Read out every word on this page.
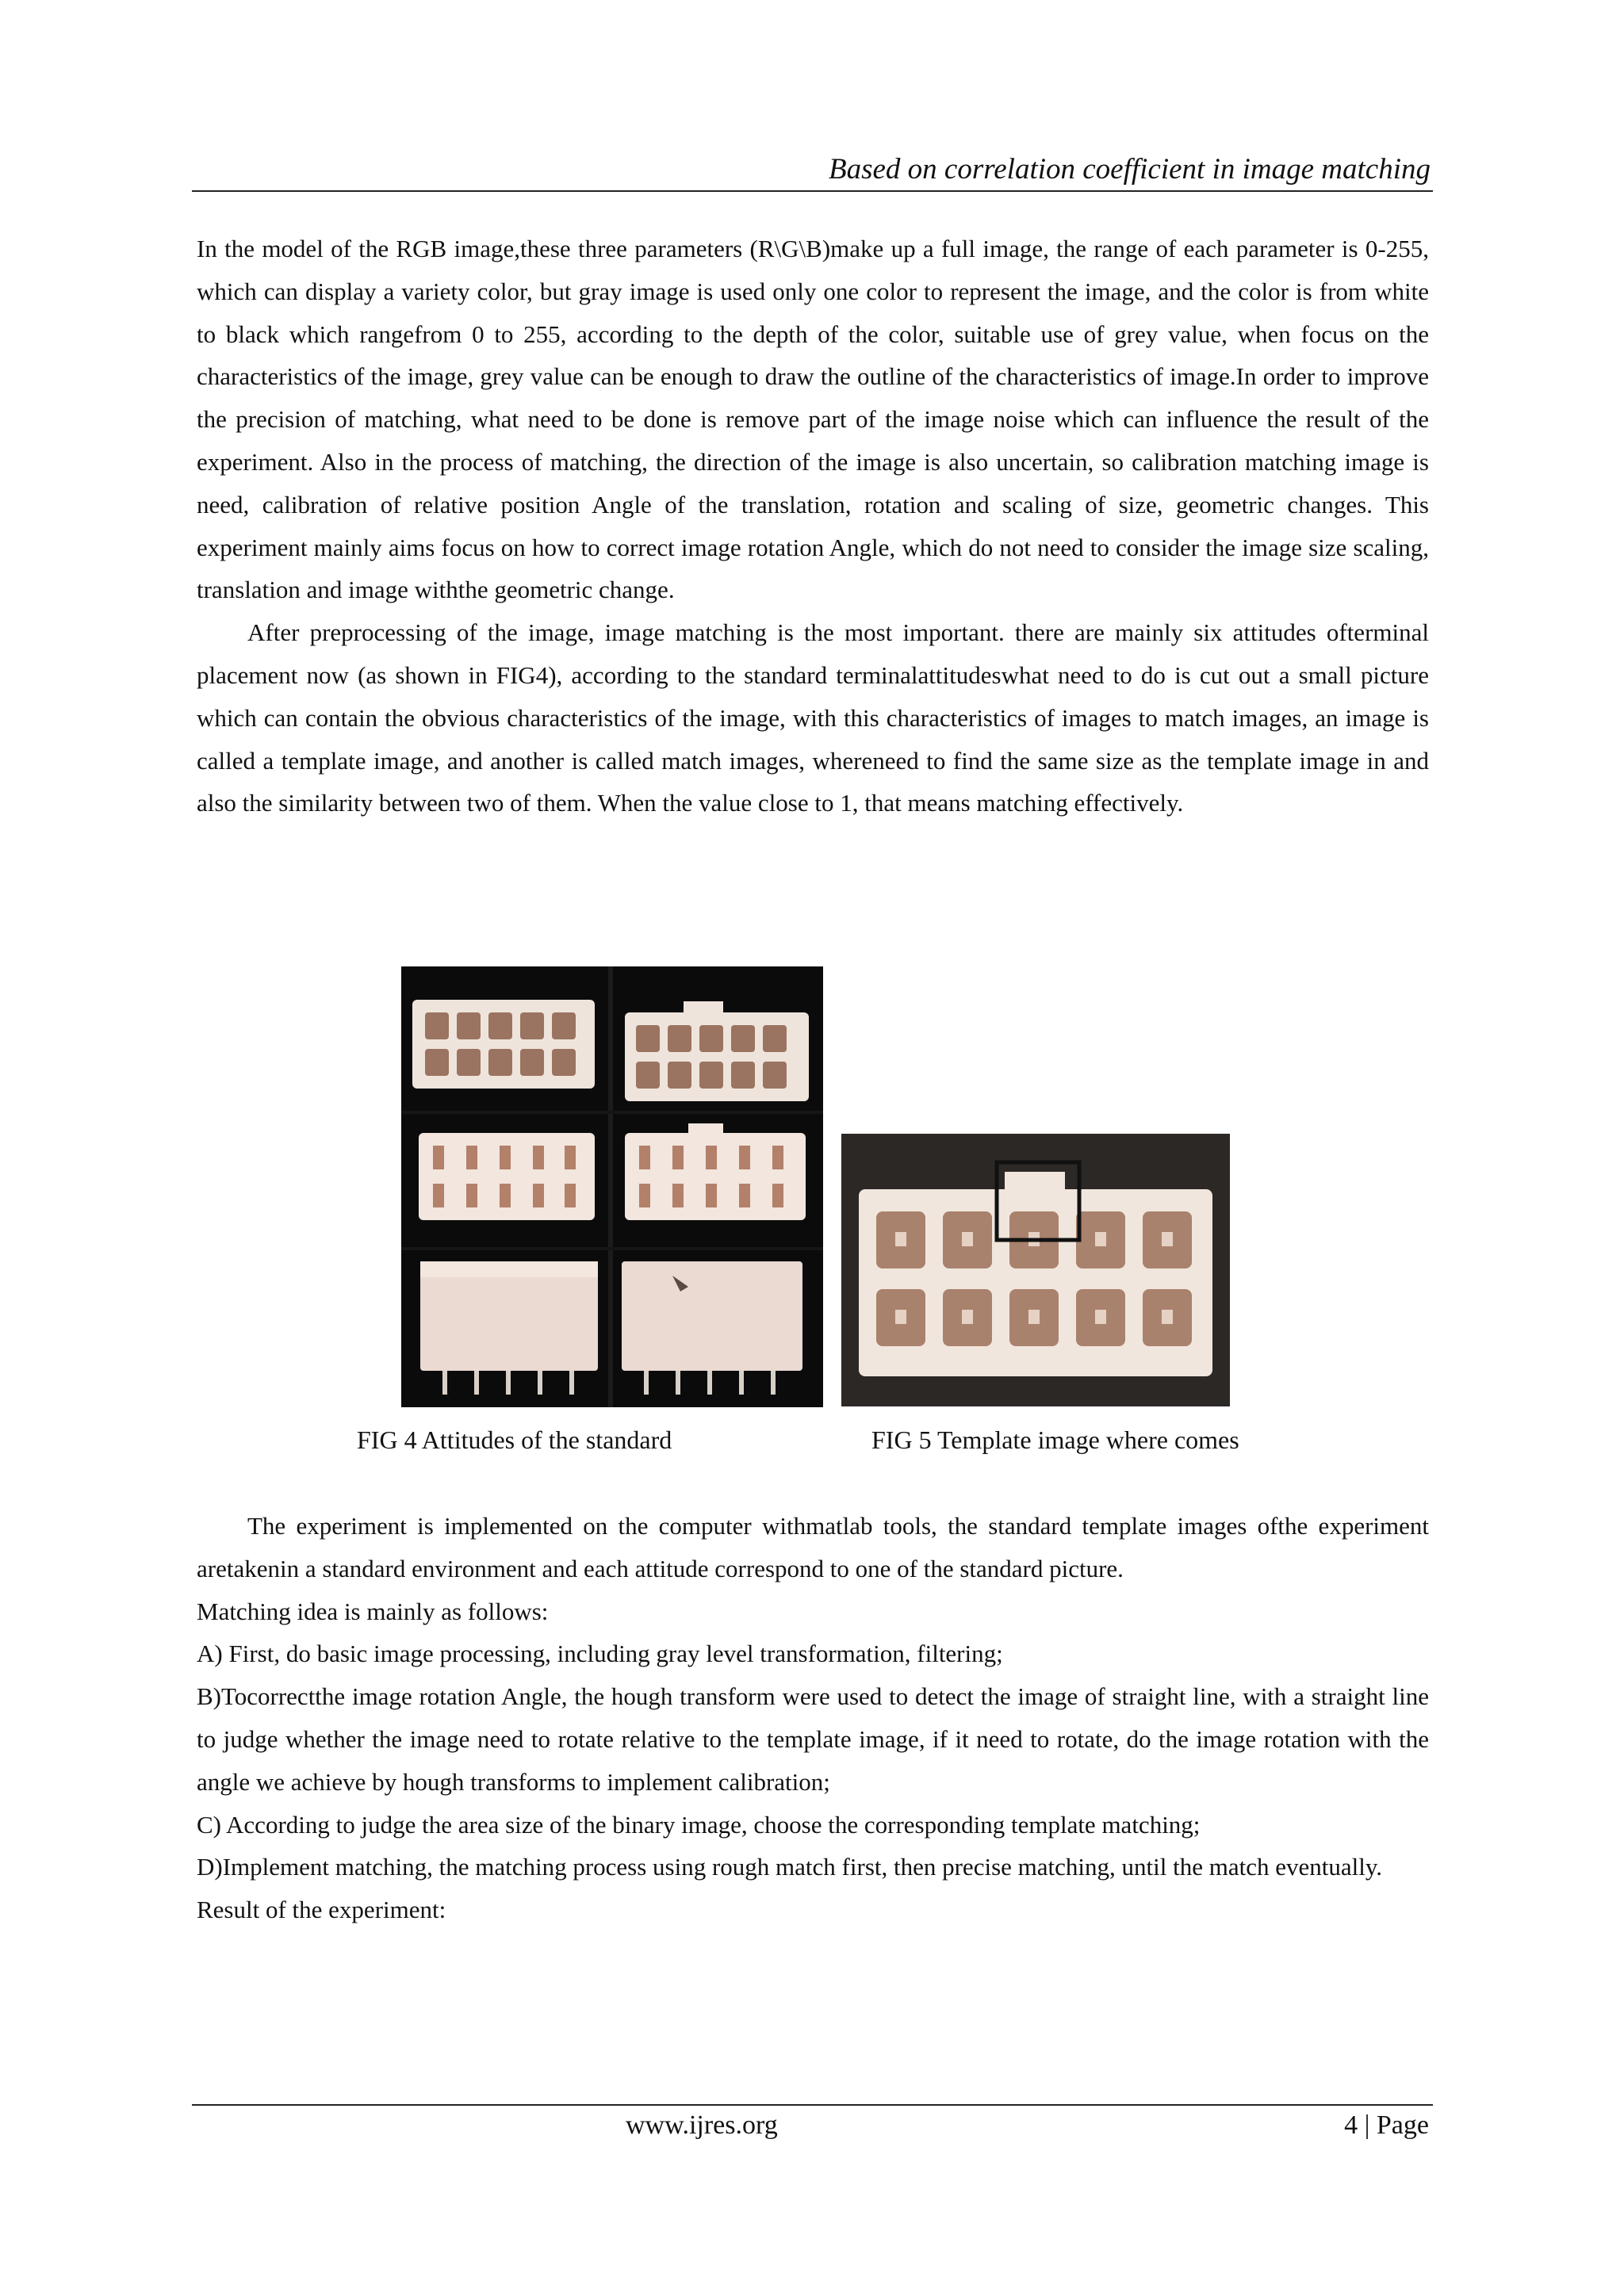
Based on correlation coefficient in image matching

In the model of the RGB image,these three parameters (R\G\B)make up a full image, the range of each parameter is 0-255, which can display a variety color, but gray image is used only one color to represent the image, and the color is from white to black which rangefrom 0 to 255, according to the depth of the color, suitable use of grey value, when focus on the characteristics of the image, grey value can be enough to draw the outline of the characteristics of image.In order to improve the precision of matching, what need to be done is remove part of the image noise which can influence the result of the experiment. Also in the process of matching, the direction of the image is also uncertain, so calibration matching image is need, calibration of relative position Angle of the translation, rotation and scaling of size, geometric changes. This experiment mainly aims focus on how to correct image rotation Angle, which do not need to consider the image size scaling, translation and image withthe geometric change.

After preprocessing of the image, image matching is the most important. there are mainly six attitudes ofterminal placement now (as shown in FIG4), according to the standard terminalattitudeswhat need to do is cut out a small picture which can contain the obvious characteristics of the image, with this characteristics of images to match images, an image is called a template image, and another is called match images, whereneed to find the same size as the template image in and also the similarity between two of them. When the value close to 1, that means matching effectively.

FIG 4 Attitudes of the standard	FIG 5 Template image where comes

The experiment is implemented on the computer withmatlab tools, the standard template images ofthe experiment aretakenin a standard environment and each attitude correspond to one of the standard picture.

Matching idea is mainly as follows:

A) First, do basic image processing, including gray level transformation, filtering;

B)Tocorrectthe image rotation Angle, the hough transform were used to detect the image of straight line, with a straight line to judge whether the image need to rotate relative to the template image, if it need to rotate, do the image rotation with the angle we achieve by hough transforms to implement calibration;

C) According to judge the area size of the binary image, choose the corresponding template matching;

D)Implement matching, the matching process using rough match first, then precise matching, until the match eventually.

Result of the experiment:

www.ijres.org	4 | Page
